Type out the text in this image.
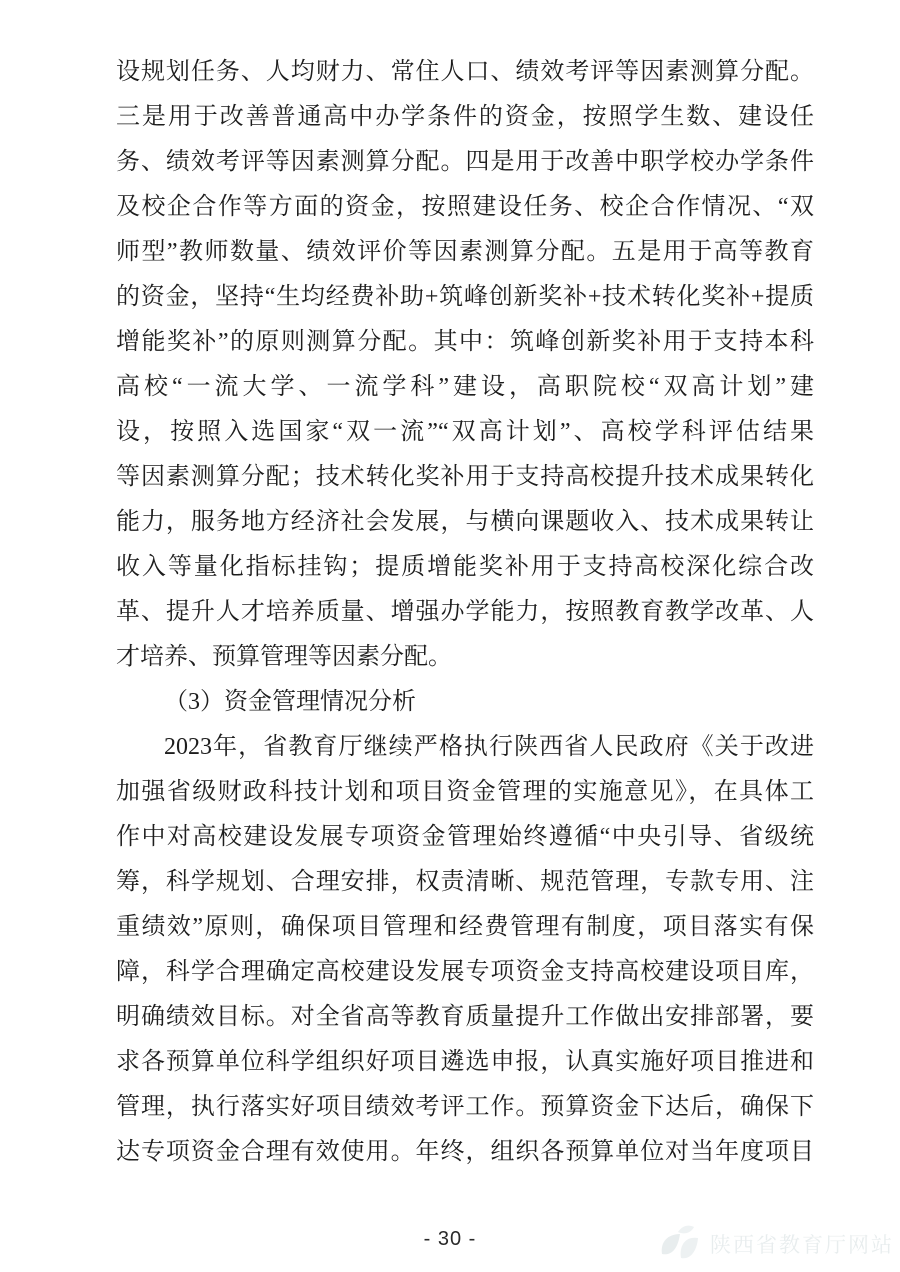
设规划任务、人均财力、常住人口、绩效考评等因素测算分配。
三是用于改善普通高中办学条件的资金，按照学生数、建设任
务、绩效考评等因素测算分配。四是用于改善中职学校办学条件
及校企合作等方面的资金，按照建设任务、校企合作情况、“双
师型”教师数量、绩效评价等因素测算分配。五是用于高等教育
的资金，坚持“生均经费补助+筑峰创新奖补+技术转化奖补+提质
增能奖补”的原则测算分配。其中：筑峰创新奖补用于支持本科
高校“一流大学、一流学科”建设，高职院校“双高计划”建
设，按照入选国家“双一流”“双高计划”、高校学科评估结果
等因素测算分配；技术转化奖补用于支持高校提升技术成果转化
能力，服务地方经济社会发展，与横向课题收入、技术成果转让
收入等量化指标挂钩；提质增能奖补用于支持高校深化综合改
革、提升人才培养质量、增强办学能力，按照教育教学改革、人
才培养、预算管理等因素分配。
（3）资金管理情况分析
2023年，省教育厅继续严格执行陕西省人民政府《关于改进
加强省级财政科技计划和项目资金管理的实施意见》，在具体工
作中对高校建设发展专项资金管理始终遵循“中央引导、省级统
筹，科学规划、合理安排，权责清晰、规范管理，专款专用、注
重绩效”原则，确保项目管理和经费管理有制度，项目落实有保
障，科学合理确定高校建设发展专项资金支持高校建设项目库，
明确绩效目标。对全省高等教育质量提升工作做出安排部署，要
求各预算单位科学组织好项目遴选申报，认真实施好项目推进和
管理，执行落实好项目绩效考评工作。预算资金下达后，确保下
达专项资金合理有效使用。年终，组织各预算单位对当年度项目
- 30 -	陕西省教育厅网站
